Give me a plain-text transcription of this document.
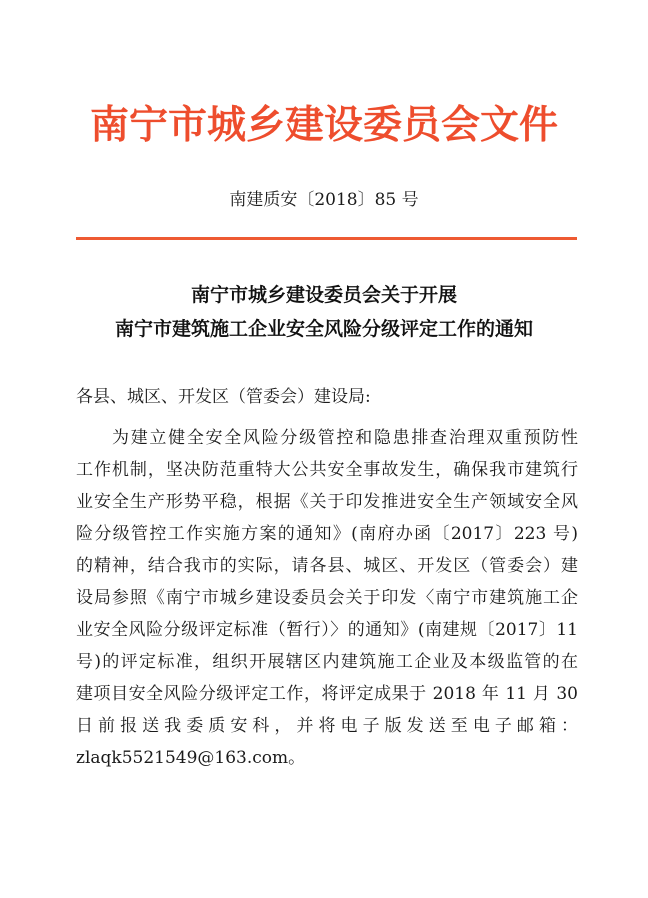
南宁市城乡建设委员会文件
南建质安〔2018〕85 号
南宁市城乡建设委员会关于开展
南宁市建筑施工企业安全风险分级评定工作的通知
各县、城区、开发区（管委会）建设局:
为建立健全安全风险分级管控和隐患排查治理双重预防性
工作机制，坚决防范重特大公共安全事故发生，确保我市建筑行
业安全生产形势平稳，根据《关于印发推进安全生产领域安全风
险分级管控工作实施方案的通知》(南府办函〔2017〕223 号)
的精神，结合我市的实际，请各县、城区、开发区（管委会）建
设局参照《南宁市城乡建设委员会关于印发〈南宁市建筑施工企
业安全风险分级评定标准（暂行）〉的通知》(南建规〔2017〕11
号)的评定标准，组织开展辖区内建筑施工企业及本级监管的在
建项目安全风险分级评定工作，将评定成果于 2018 年 11 月 30
日前报送我委质安科，并将电子版发送至电子邮箱：
zlaqk5521549@163.com。
